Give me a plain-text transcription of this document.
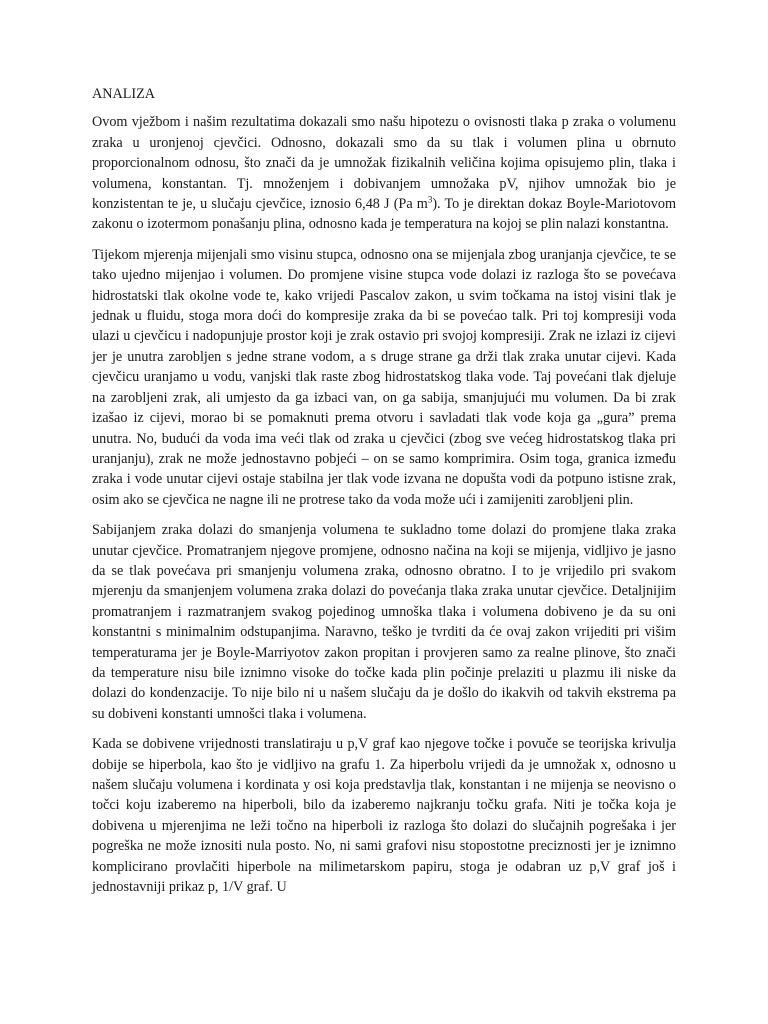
ANALIZA

Ovom vježbom i našim rezultatima dokazali smo našu hipotezu o ovisnosti tlaka p zraka o volumenu zraka u uronjenoj cjevčici. Odnosno, dokazali smo da su tlak i volumen plina u obrnuto proporcionalnom odnosu, što znači da je umnožak fizikalnih veličina kojima opisujemo plin, tlaka i volumena, konstantan. Tj. množenjem i dobivanjem umnožaka pV, njihov umnožak bio je konzistentan te je, u slučaju cjevčice, iznosio 6,48 J (Pa $m^3$). To je direktan dokaz Boyle-Mariotovom zakonu o izotermom ponašanju plina, odnosno kada je temperatura na kojoj se plin nalazi konstantna.

Tijekom mjerenja mijenjali smo visinu stupca, odnosno ona se mijenjala zbog uranjanja cjevčice, te se tako ujedno mijenjao i volumen. Do promjene visine stupca vode dolazi iz razloga što se povećava hidrostatski tlak okolne vode te, kako vrijedi Pascalov zakon, u svim točkama na istoj visini tlak je jednak u fluidu, stoga mora doći do kompresije zraka da bi se povećao talk. Pri toj kompresiji voda ulazi u cjevčicu i nadopunjuje prostor koji je zrak ostavio pri svojoj kompresiji. Zrak ne izlazi iz cijevi jer je unutra zarobljen s jedne strane vodom, a s druge strane ga drži tlak zraka unutar cijevi. Kada cjevčicu uranjamo u vodu, vanjski tlak raste zbog hidrostatskog tlaka vode. Taj povećani tlak djeluje na zarobljeni zrak, ali umjesto da ga izbaci van, on ga sabija, smanjujući mu volumen. Da bi zrak izašao iz cijevi, morao bi se pomaknuti prema otvoru i savladati tlak vode koja ga „gura” prema unutra. No, budući da voda ima veći tlak od zraka u cjevčici (zbog sve većeg hidrostatskog tlaka pri uranjanju), zrak ne može jednostavno pobjeći – on se samo komprimira. Osim toga, granica između zraka i vode unutar cijevi ostaje stabilna jer tlak vode izvana ne dopušta vodi da potpuno istisne zrak, osim ako se cjevčica ne nagne ili ne protrese tako da voda može ući i zamijeniti zarobljeni plin.

Sabijanjem zraka dolazi do smanjenja volumena te sukladno tome dolazi do promjene tlaka zraka unutar cjevčice. Promatranjem njegove promjene, odnosno načina na koji se mijenja, vidljivo je jasno da se tlak povećava pri smanjenju volumena zraka, odnosno obratno. I to je vrijedilo pri svakom mjerenju da smanjenjem volumena zraka dolazi do povećanja tlaka zraka unutar cjevčice. Detaljnijim promatranjem i razmatranjem svakog pojedinog umnoška tlaka i volumena dobiveno je da su oni konstantni s minimalnim odstupanjima. Naravno, teško je tvrditi da će ovaj zakon vrijediti pri višim temperaturama jer je Boyle-Marriyotov zakon propitan i provjeren samo za realne plinove, što znači da temperature nisu bile iznimno visoke do točke kada plin počinje prelaziti u plazmu ili niske da dolazi do kondenzacije. To nije bilo ni u našem slučaju da je došlo do ikakvih od takvih ekstrema pa su dobiveni konstanti umnošci tlaka i volumena.

Kada se dobivene vrijednosti translatiraju u p,V graf kao njegove točke i povuče se teorijska krivulja dobije se hiperbola, kao što je vidljivo na grafu 1. Za hiperbolu vrijedi da je umnožak x, odnosno u našem slučaju volumena i kordinata y osi koja predstavlja tlak, konstantan i ne mijenja se neovisno o točci koju izaberemo na hiperboli, bilo da izaberemo najkranju točku grafa. Niti je točka koja je dobivena u mjerenjima ne leži točno na hiperboli iz razloga što dolazi do slučajnih pogrešaka i jer pogreška ne može iznositi nula posto. No, ni sami grafovi nisu stopostotne preciznosti jer je iznimno komplicirano provlačiti hiperbole na milimetarskom papiru, stoga je odabran uz p,V graf još i jednostavniji prikaz p, 1/V graf. U
